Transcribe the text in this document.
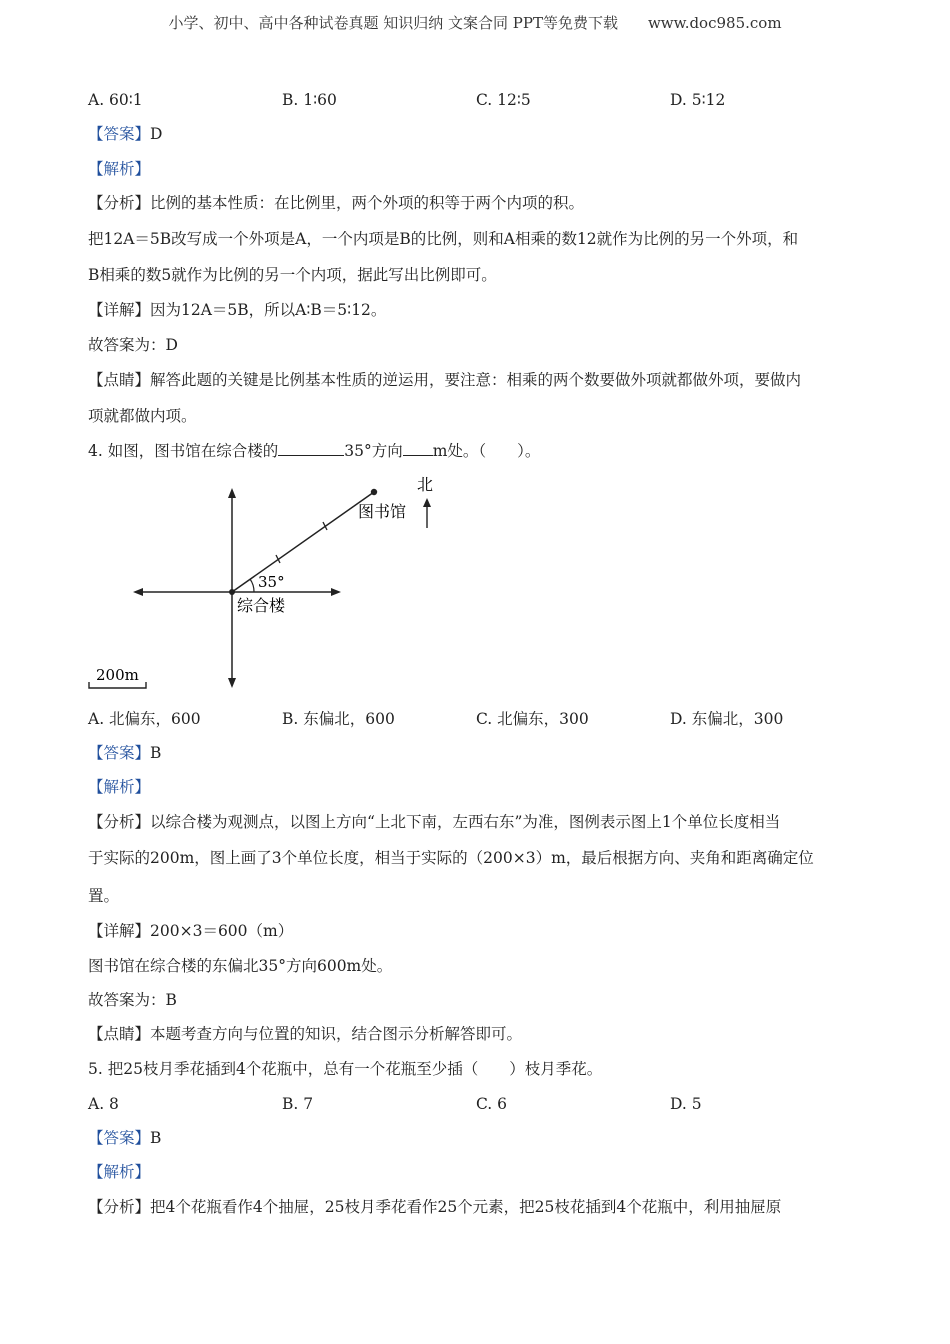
小学、初中、高中各种试卷真题 知识归纳 文案合同 PPT等免费下载　　www.doc985.com
A. 60∶1	B. 1∶60	C. 12∶5	D. 5∶12
【答案】D
【解析】
【分析】比例的基本性质：在比例里，两个外项的积等于两个内项的积。
把12A＝5B改写成一个外项是A，一个内项是B的比例，则和A相乘的数12就作为比例的另一个外项，和
B相乘的数5就作为比例的另一个内项，据此写出比例即可。
【详解】因为12A＝5B，所以A∶B＝5∶12。
故答案为：D
【点睛】解答此题的关键是比例基本性质的逆运用，要注意：相乘的两个数要做外项就都做外项，要做内
项就都做内项。
4. 如图，图书馆在综合楼的	35°方向 m处。（　　）。
35°
综合楼
图书馆
北
200m
A. 北偏东，600	B. 东偏北，600	C. 北偏东，300	D. 东偏北，300
【答案】B
【解析】
【分析】以综合楼为观测点，以图上方向“上北下南，左西右东”为准，图例表示图上1个单位长度相当
于实际的200m，图上画了3个单位长度，相当于实际的（200×3）m，最后根据方向、夹角和距离确定位
置。
【详解】200×3＝600（m）
图书馆在综合楼的东偏北35°方向600m处。
故答案为：B
【点睛】本题考查方向与位置的知识，结合图示分析解答即可。
5. 把25枝月季花插到4个花瓶中，总有一个花瓶至少插（　　）枝月季花。
A. 8	B. 7	C. 6	D. 5
【答案】B
【解析】
【分析】把4个花瓶看作4个抽屉，25枝月季花看作25个元素，把25枝花插到4个花瓶中，利用抽屉原
